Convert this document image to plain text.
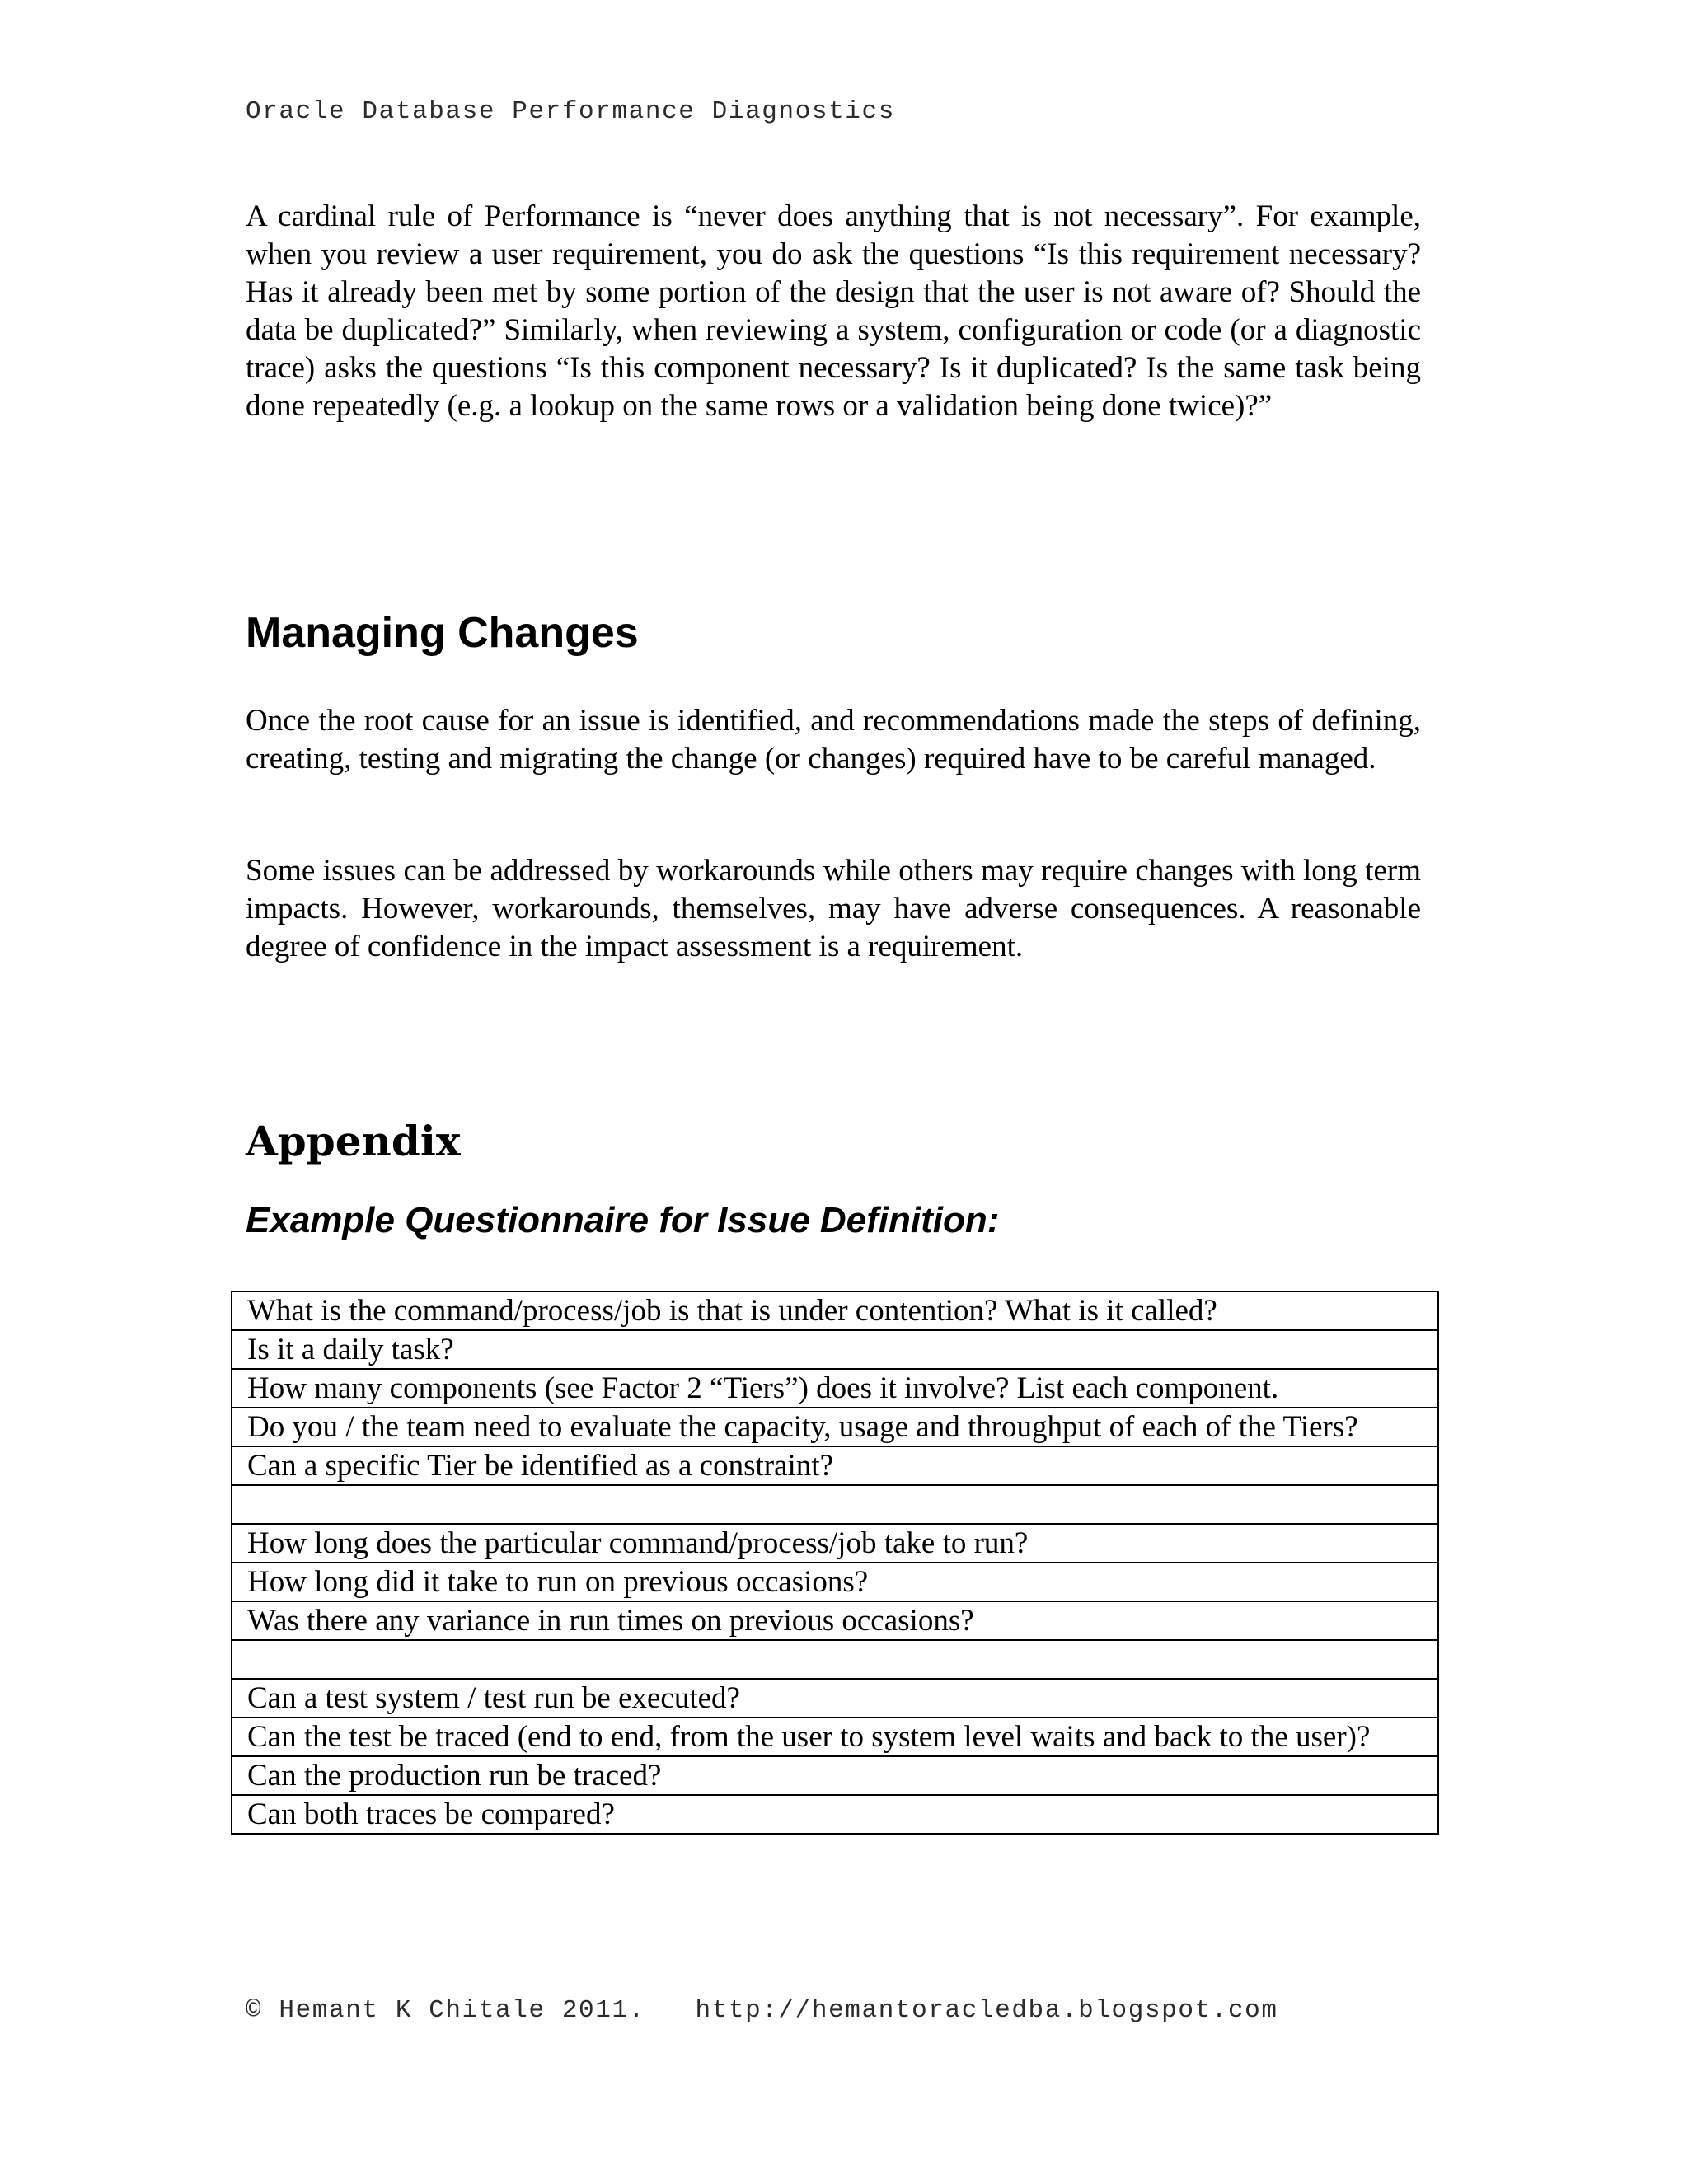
Oracle Database Performance Diagnostics

A cardinal rule of Performance is “never does anything that is not necessary”. For example, when you review a user requirement, you do ask the questions “Is this requirement necessary? Has it already been met by some portion of the design that the user is not aware of? Should the data be duplicated?” Similarly, when reviewing a system, configuration or code (or a diagnostic trace) asks the questions “Is this component necessary? Is it duplicated? Is the same task being done repeatedly (e.g. a lookup on the same rows or a validation being done twice)?”

Managing Changes

Once the root cause for an issue is identified, and recommendations made the steps of defining, creating, testing and migrating the change (or changes) required have to be careful managed.

Some issues can be addressed by workarounds while others may require changes with long term impacts. However, workarounds, themselves, may have adverse consequences. A reasonable degree of confidence in the impact assessment is a requirement.

Appendix
Example Questionnaire for Issue Definition:
What is the command/process/job is that is under contention? What is it called?
Is it a daily task?
How many components (see Factor 2 “Tiers”) does it involve? List each component.
Do you / the team need to evaluate the capacity, usage and throughput of each of the Tiers?
Can a specific Tier be identified as a constraint?

How long does the particular command/process/job take to run?
How long did it take to run on previous occasions?
Was there any variance in run times on previous occasions?

Can a test system / test run be executed?
Can the test be traced (end to end, from the user to system level waits and back to the user)?
Can the production run be traced?
Can both traces be compared?
© Hemant K Chitale 2011. http://hemantoracledba.blogspot.com
